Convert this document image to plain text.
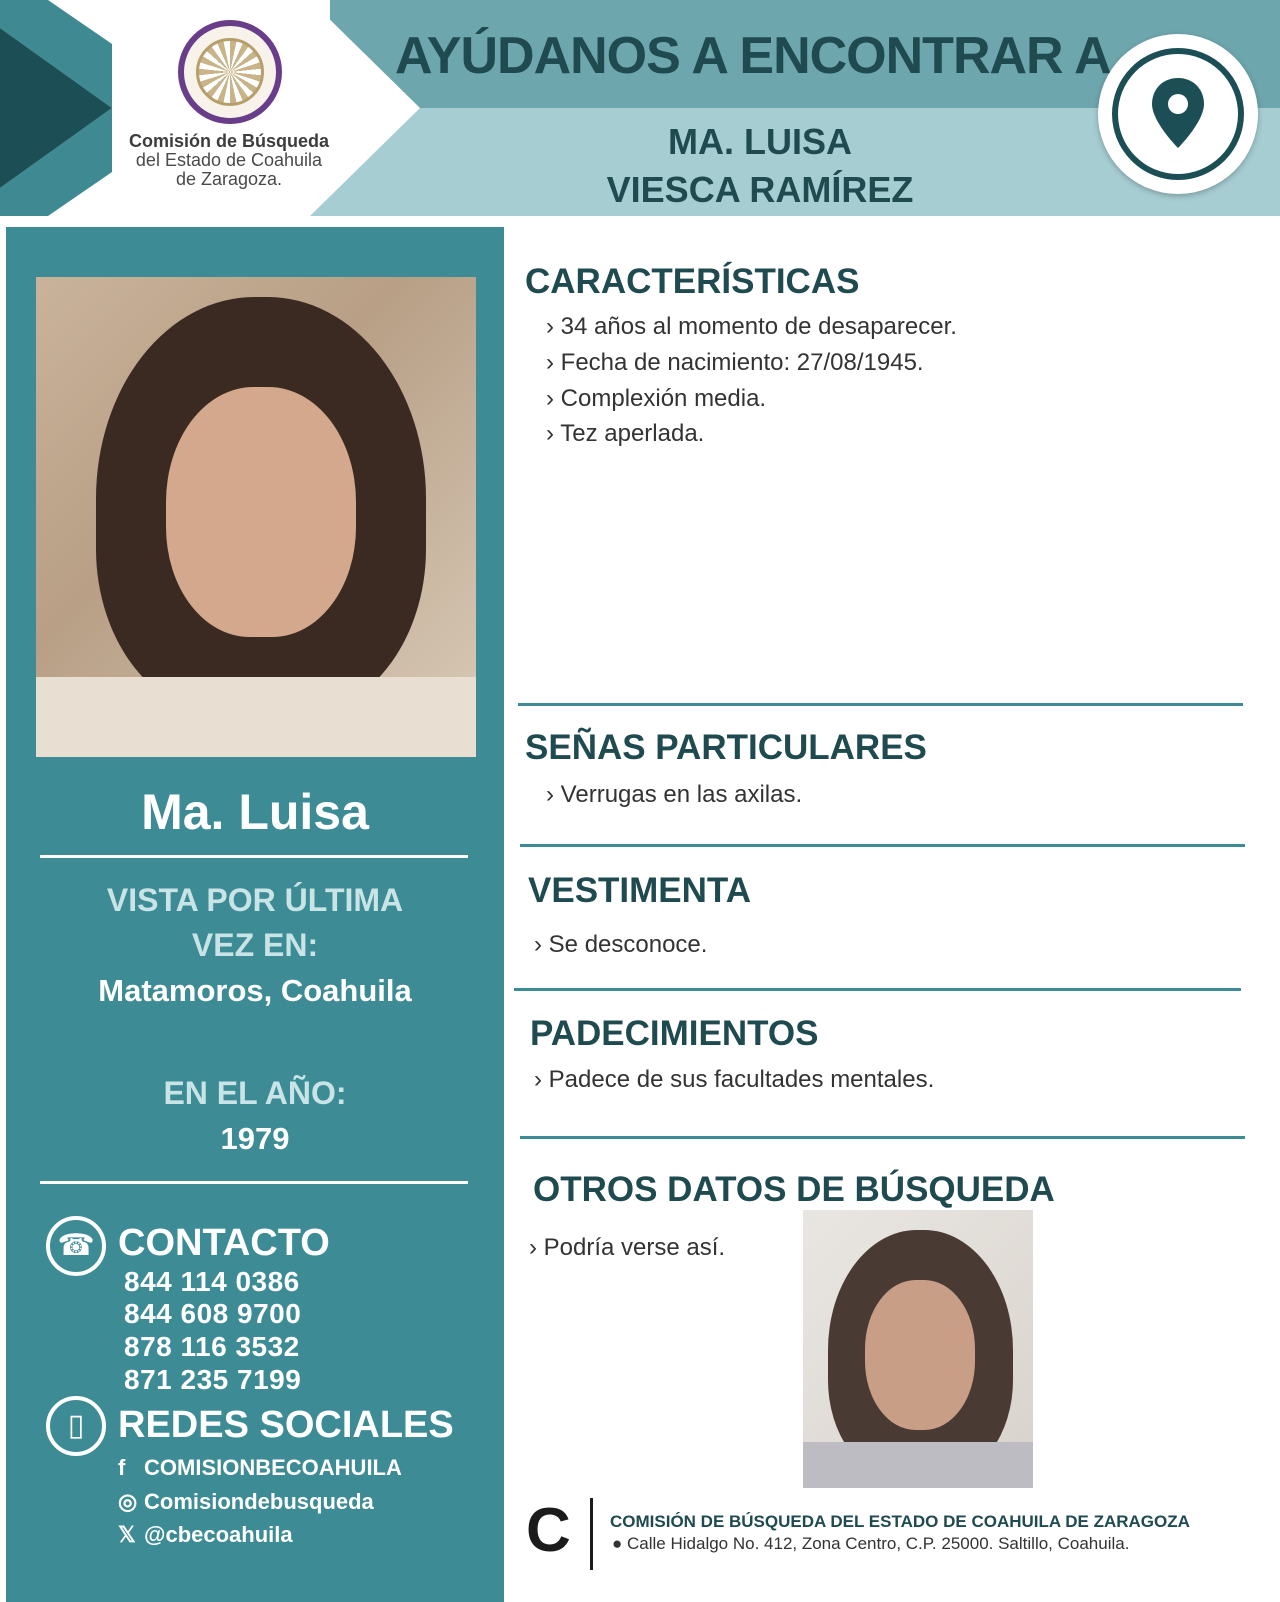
Comisión de Búsqueda
del Estado de Coahuila
de Zaragoza.
AYÚDANOS A ENCONTRAR A
MA. LUISA
VIESCA RAMÍREZ
Ma. Luisa
VISTA POR ÚLTIMA
VEZ EN:
Matamoros, Coahuila
EN EL AÑO:
1979
☎ CONTACTO
844 114 0386
844 608 9700
878 116 3532
871 235 7199
▯ REDES SOCIALES
f COMISIONBECOAHUILA
◎ Comisiondebusqueda
𝕏 @cbecoahuila
CARACTERÍSTICAS
› 34 años al momento de desaparecer.
› Fecha de nacimiento: 27/08/1945.
› Complexión media.
› Tez aperlada.
SEÑAS PARTICULARES
› Verrugas en las axilas.
VESTIMENTA
› Se desconoce.
PADECIMIENTOS
› Padece de sus facultades mentales.
OTROS DATOS DE BÚSQUEDA
› Podría verse así.
C	COMISIÓN DE BÚSQUEDA DEL ESTADO DE COAHUILA DE ZARAGOZA
● Calle Hidalgo No. 412, Zona Centro, C.P. 25000. Saltillo, Coahuila.
